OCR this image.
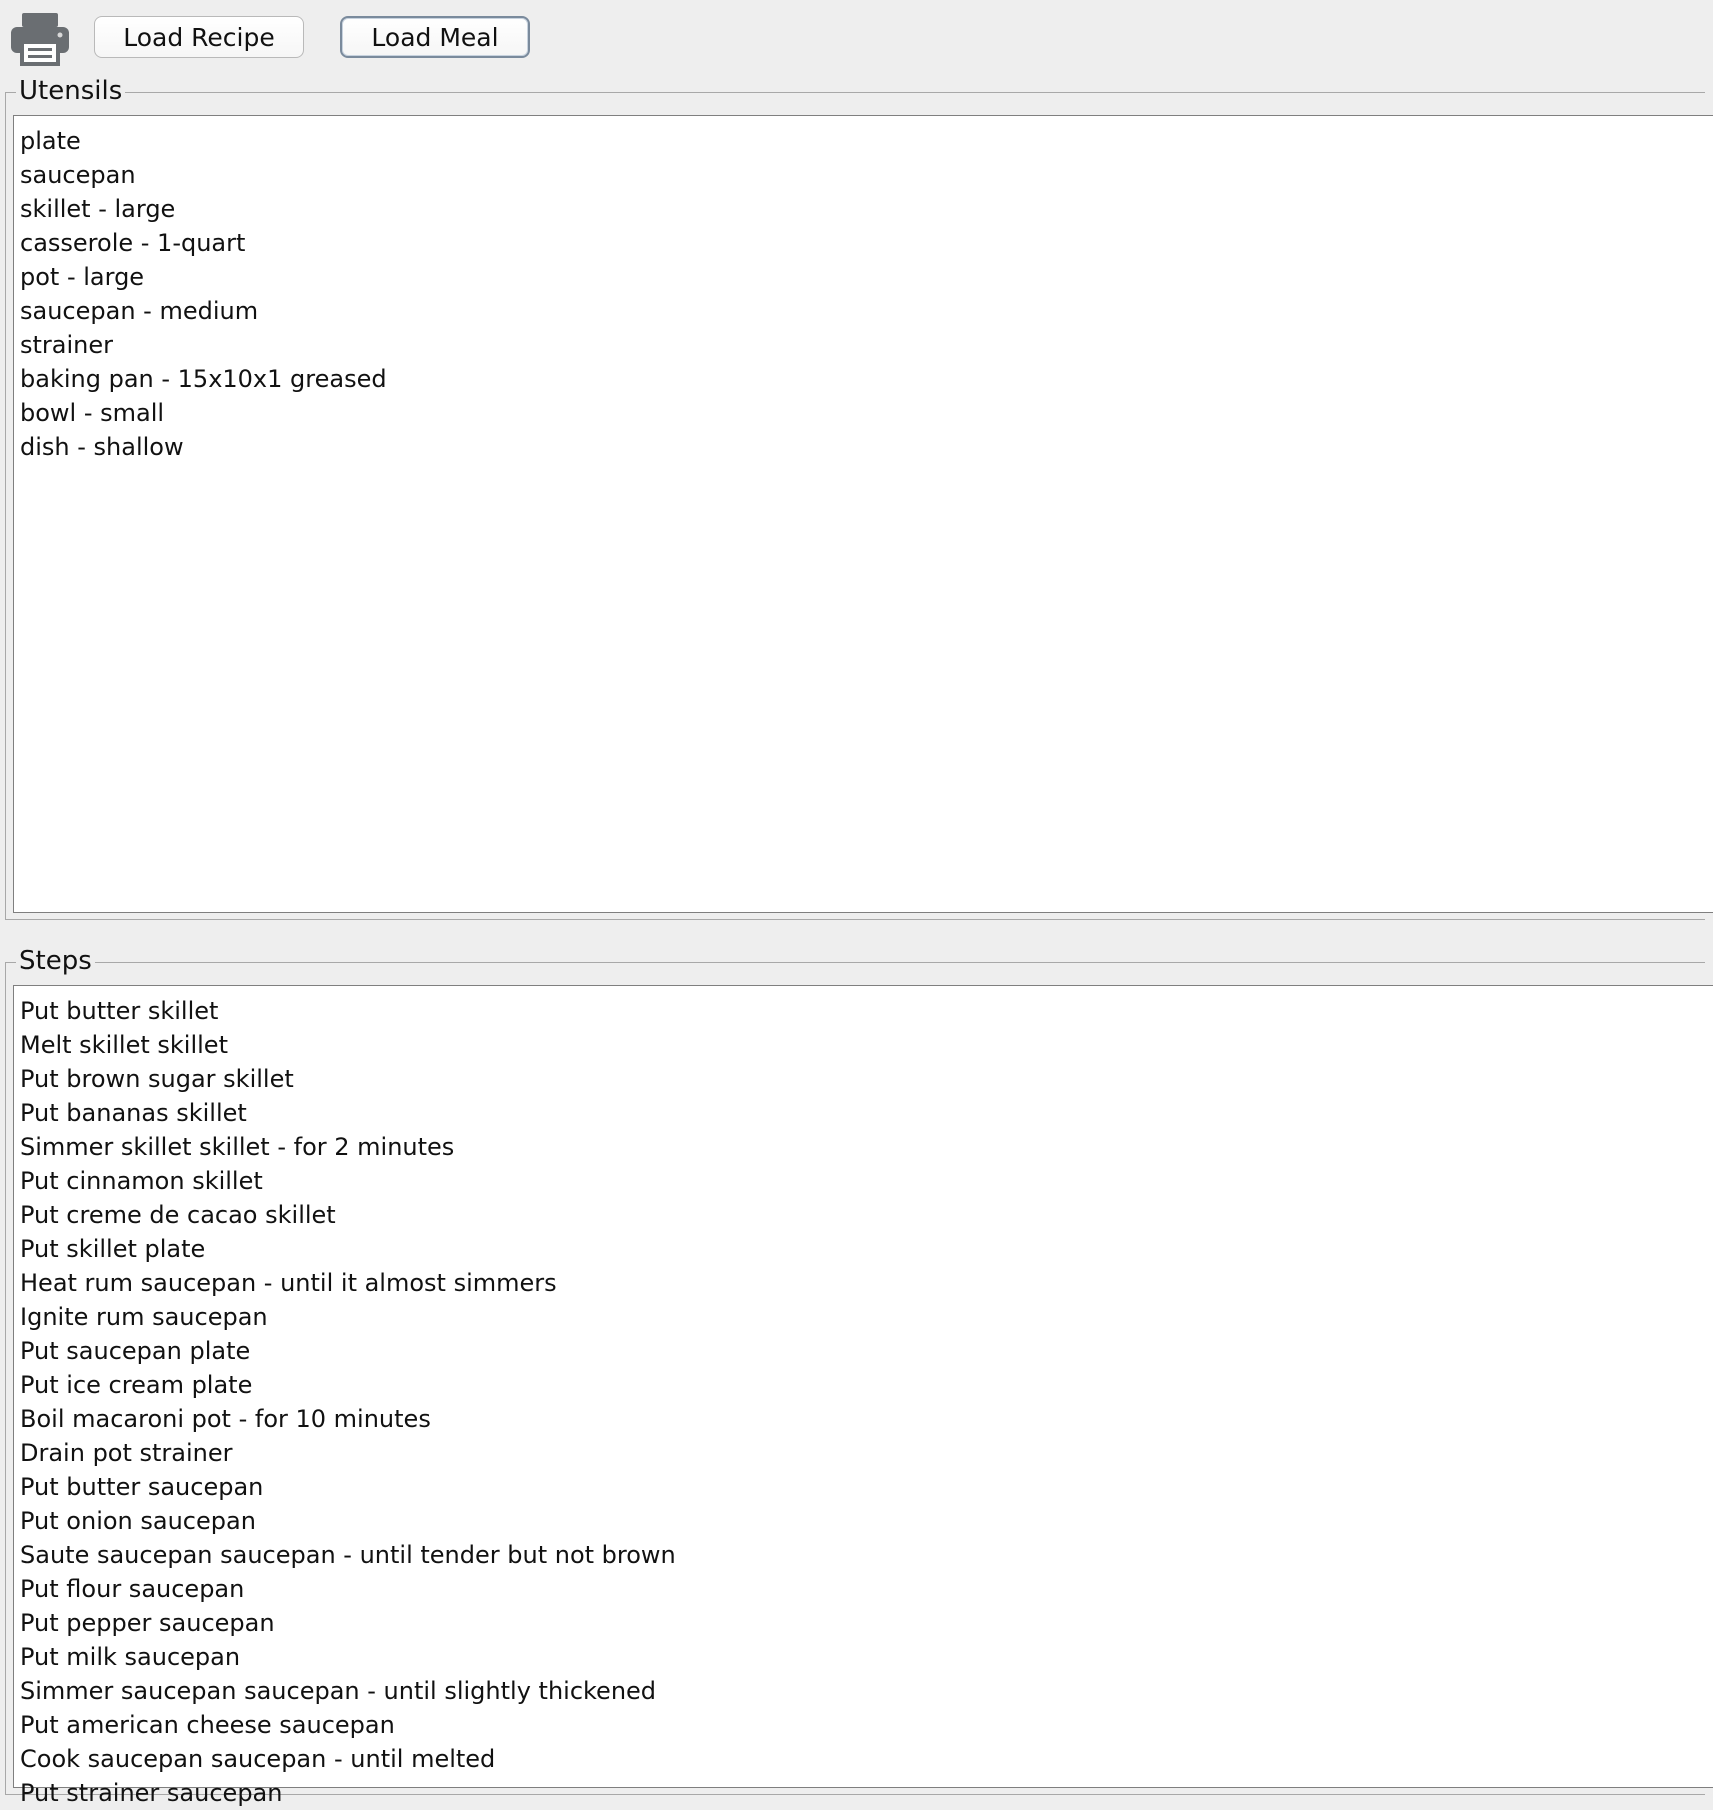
Load Recipe	Load Meal
Utensils
plate
saucepan
skillet - large
casserole - 1-quart
pot - large
saucepan - medium
strainer
baking pan - 15x10x1 greased
bowl - small
dish - shallow
Steps
Put butter skillet
Melt skillet skillet
Put brown sugar skillet
Put bananas skillet
Simmer skillet skillet - for 2 minutes
Put cinnamon skillet
Put creme de cacao skillet
Put skillet plate
Heat rum saucepan - until it almost simmers
Ignite rum saucepan
Put saucepan plate
Put ice cream plate
Boil macaroni pot - for 10 minutes
Drain pot strainer
Put butter saucepan
Put onion saucepan
Saute saucepan saucepan - until tender but not brown
Put flour saucepan
Put pepper saucepan
Put milk saucepan
Simmer saucepan saucepan - until slightly thickened
Put american cheese saucepan
Cook saucepan saucepan - until melted
Put strainer saucepan
